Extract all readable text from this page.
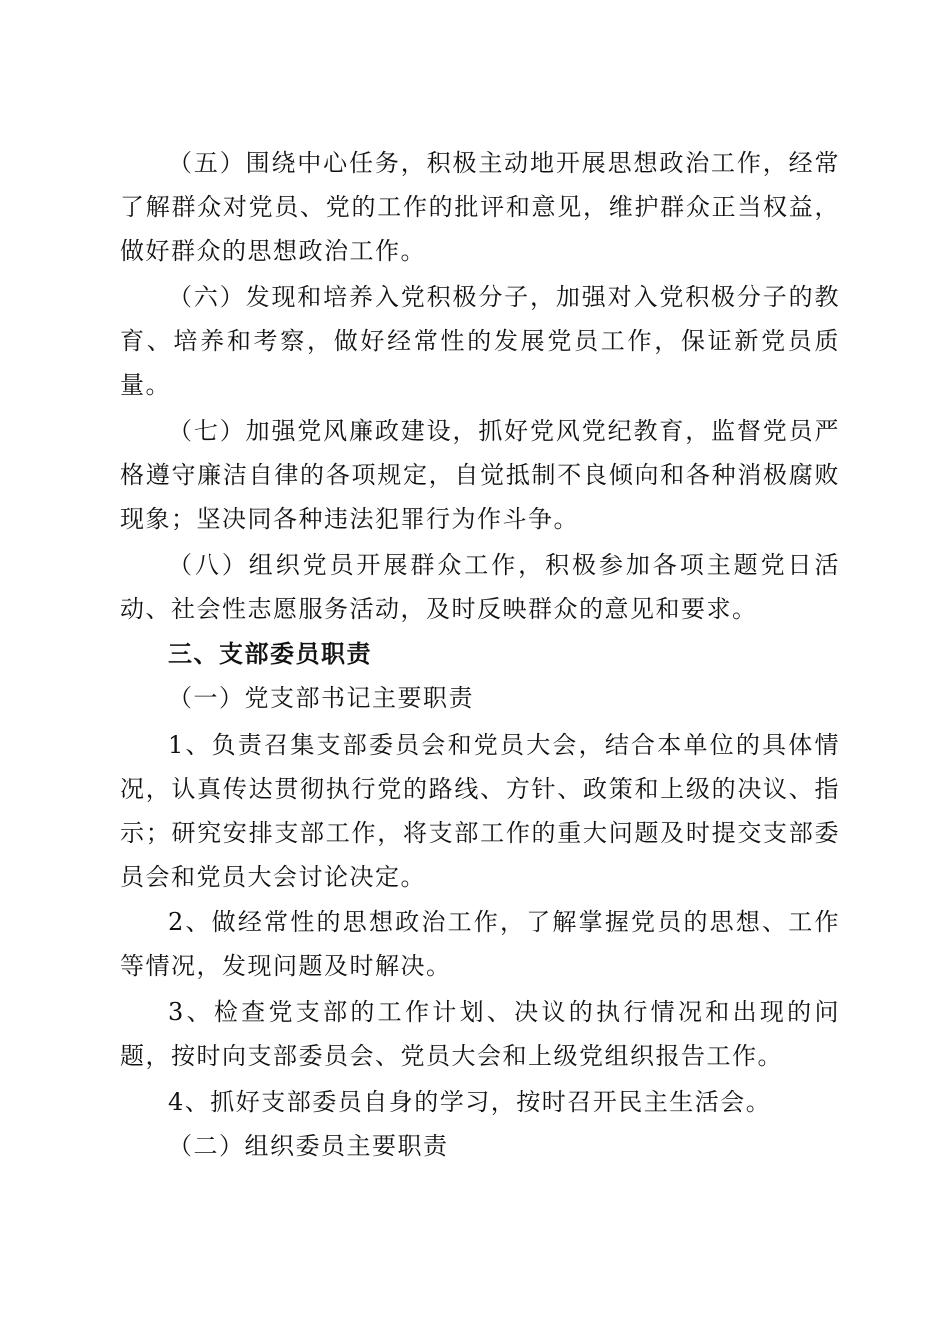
（五）围绕中心任务，积极主动地开展思想政治工作，经常了解群众对党员、党的工作的批评和意见，维护群众正当权益，做好群众的思想政治工作。

（六）发现和培养入党积极分子，加强对入党积极分子的教育、培养和考察，做好经常性的发展党员工作，保证新党员质量。

（七）加强党风廉政建设，抓好党风党纪教育，监督党员严格遵守廉洁自律的各项规定，自觉抵制不良倾向和各种消极腐败现象；坚决同各种违法犯罪行为作斗争。

（八）组织党员开展群众工作，积极参加各项主题党日活动、社会性志愿服务活动，及时反映群众的意见和要求。

三、支部委员职责

（一）党支部书记主要职责

1、负责召集支部委员会和党员大会，结合本单位的具体情况，认真传达贯彻执行党的路线、方针、政策和上级的决议、指示；研究安排支部工作，将支部工作的重大问题及时提交支部委员会和党员大会讨论决定。

2、做经常性的思想政治工作，了解掌握党员的思想、工作等情况，发现问题及时解决。

3、检查党支部的工作计划、决议的执行情况和出现的问题，按时向支部委员会、党员大会和上级党组织报告工作。

4、抓好支部委员自身的学习，按时召开民主生活会。

（二）组织委员主要职责
